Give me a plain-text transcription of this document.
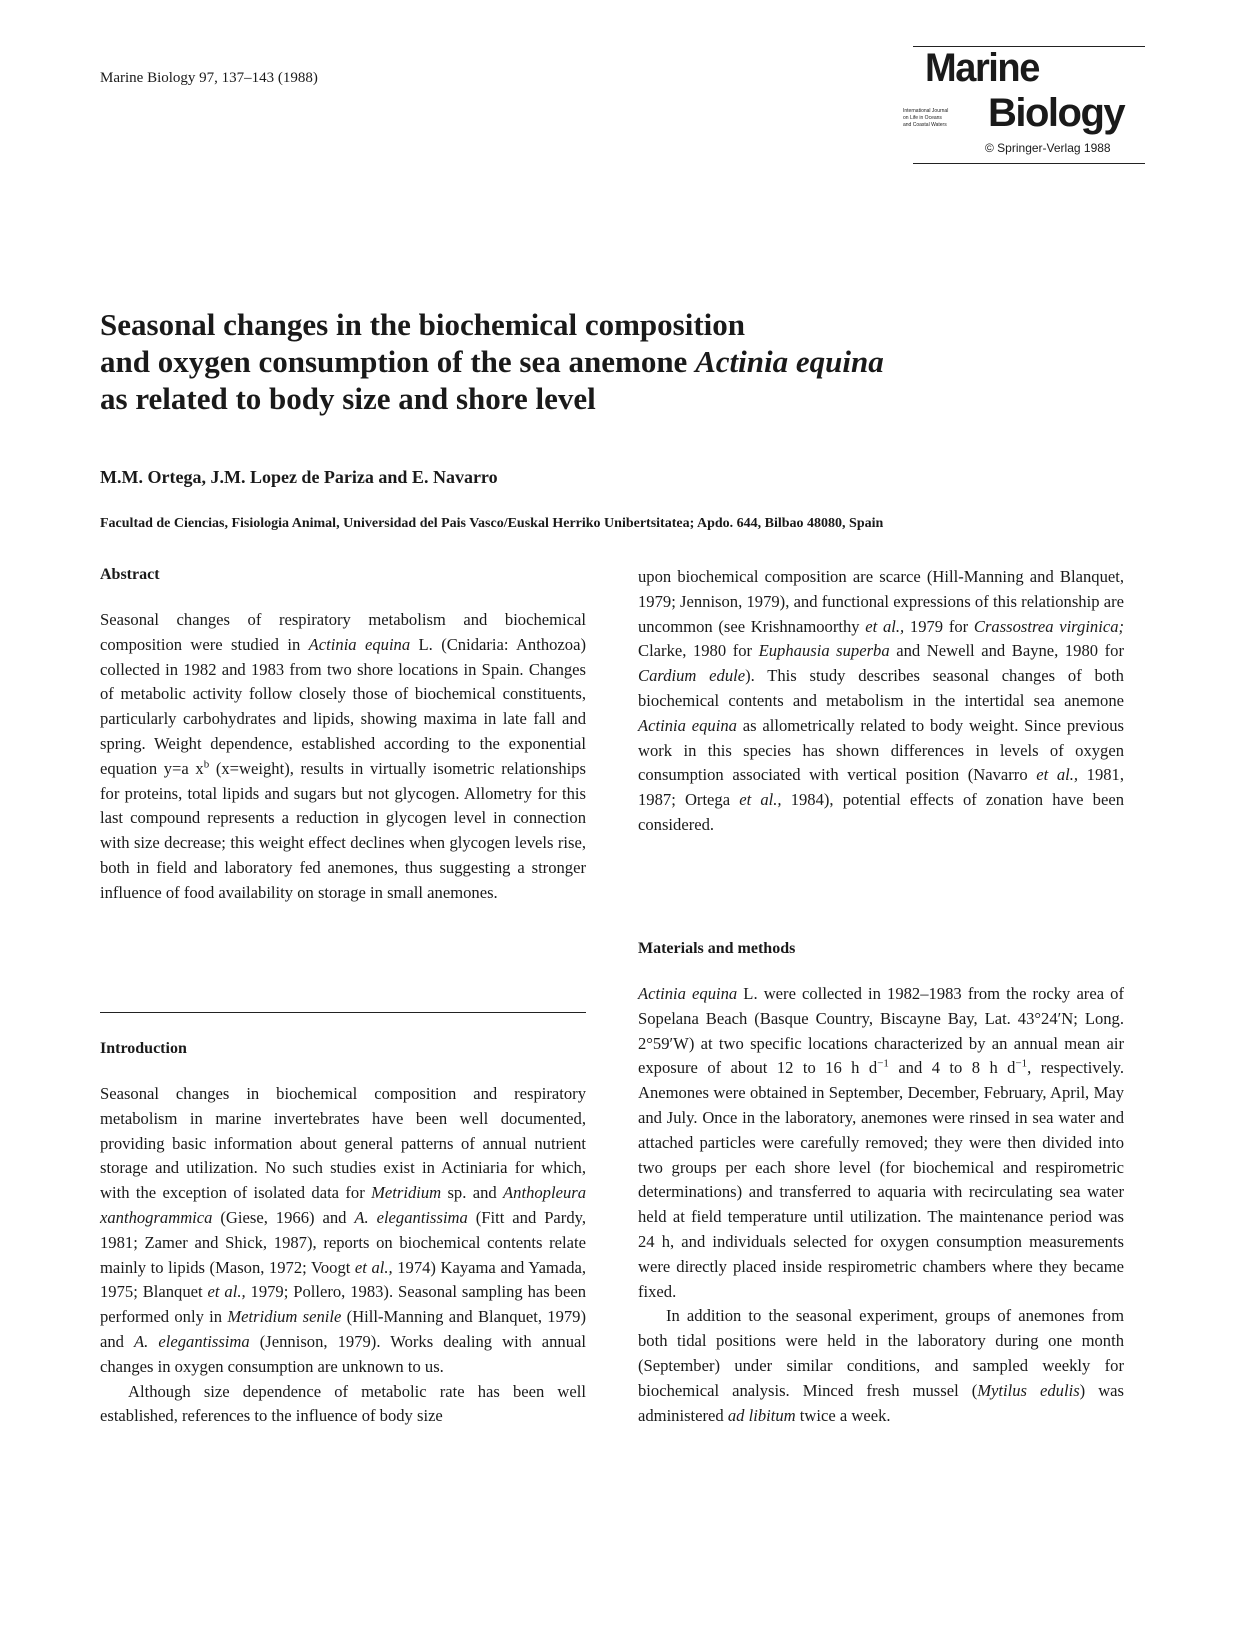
Marine Biology 97, 137–143 (1988)	Marine
International Journal
on Life in Oceans
and Coastal Waters	Biology
© Springer-Verlag 1988
Seasonal changes in the biochemical composition
and oxygen consumption of the sea anemone Actinia equina
as related to body size and shore level
M.M. Ortega, J.M. Lopez de Pariza and E. Navarro
Facultad de Ciencias, Fisiologia Animal, Universidad del Pais Vasco/Euskal Herriko Unibertsitatea; Apdo. 644, Bilbao 48080, Spain
Abstract

Seasonal changes of respiratory metabolism and biochemical composition were studied in Actinia equina L. (Cnidaria: Anthozoa) collected in 1982 and 1983 from two shore locations in Spain. Changes of metabolic activity follow closely those of biochemical constituents, particularly carbohydrates and lipids, showing maxima in late fall and spring. Weight dependence, established according to the exponential equation y=a $x^b$ (x=weight), results in virtually isometric relationships for proteins, total lipids and sugars but not glycogen. Allometry for this last compound represents a reduction in glycogen level in connection with size decrease; this weight effect declines when glycogen levels rise, both in field and laboratory fed anemones, thus suggesting a stronger influence of food availability on storage in small anemones.

Introduction

Seasonal changes in biochemical composition and respiratory metabolism in marine invertebrates have been well documented, providing basic information about general patterns of annual nutrient storage and utilization. No such studies exist in Actiniaria for which, with the exception of isolated data for Metridium sp. and Anthopleura xanthogrammica (Giese, 1966) and A. elegantissima (Fitt and Pardy, 1981; Zamer and Shick, 1987), reports on biochemical contents relate mainly to lipids (Mason, 1972; Voogt et al., 1974) Kayama and Yamada, 1975; Blanquet et al., 1979; Pollero, 1983). Seasonal sampling has been performed only in Metridium senile (Hill-Manning and Blanquet, 1979) and A. elegantissima (Jennison, 1979). Works dealing with annual changes in oxygen consumption are unknown to us.

Although size dependence of metabolic rate has been well established, references to the influence of body size

upon biochemical composition are scarce (Hill-Manning and Blanquet, 1979; Jennison, 1979), and functional expressions of this relationship are uncommon (see Krishnamoorthy et al., 1979 for Crassostrea virginica; Clarke, 1980 for Euphausia superba and Newell and Bayne, 1980 for Cardium edule). This study describes seasonal changes of both biochemical contents and metabolism in the intertidal sea anemone Actinia equina as allometrically related to body weight. Since previous work in this species has shown differences in levels of oxygen consumption associated with vertical position (Navarro et al., 1981, 1987; Ortega et al., 1984), potential effects of zonation have been considered.

Materials and methods

Actinia equina L. were collected in 1982–1983 from the rocky area of Sopelana Beach (Basque Country, Biscayne Bay, Lat. 43°24′N; Long. 2°59′W) at two specific locations characterized by an annual mean air exposure of about 12 to 16 h $d^{-1}$ and 4 to 8 h $d^{-1}$, respectively. Anemones were obtained in September, December, February, April, May and July. Once in the laboratory, anemones were rinsed in sea water and attached particles were carefully removed; they were then divided into two groups per each shore level (for biochemical and respirometric determinations) and transferred to aquaria with recirculating sea water held at field temperature until utilization. The maintenance period was 24 h, and individuals selected for oxygen consumption measurements were directly placed inside respirometric chambers where they became fixed.

In addition to the seasonal experiment, groups of anemones from both tidal positions were held in the laboratory during one month (September) under similar conditions, and sampled weekly for biochemical analysis. Minced fresh mussel (Mytilus edulis) was administered ad libitum twice a week.
